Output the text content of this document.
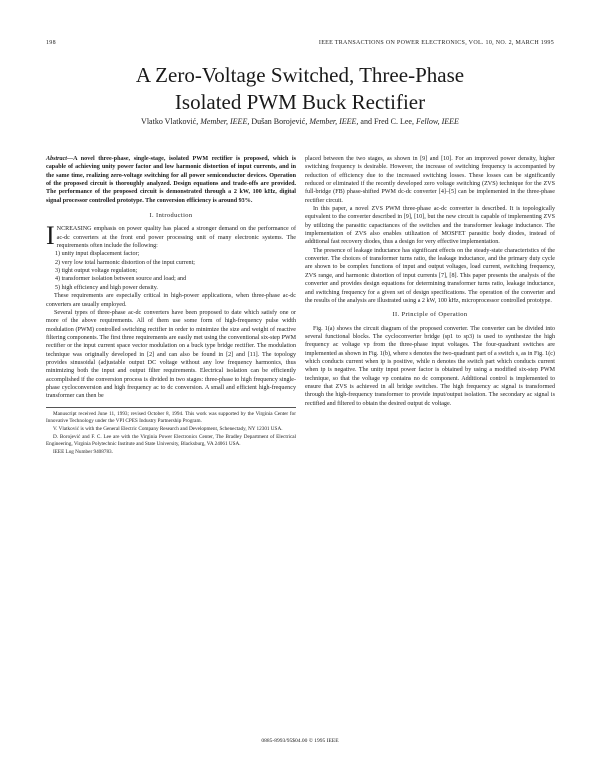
198	IEEE TRANSACTIONS ON POWER ELECTRONICS, VOL. 10, NO. 2, MARCH 1995
A Zero-Voltage Switched, Three-Phase
Isolated PWM Buck Rectifier
Vlatko Vlatković, Member, IEEE, Dušan Borojević, Member, IEEE, and Fred C. Lee, Fellow, IEEE

Abstract—A novel three-phase, single-stage, isolated PWM rectifier is proposed, which is capable of achieving unity power factor and low harmonic distortion of input currents, and in the same time, realizing zero-voltage switching for all power semiconductor devices. Operation of the proposed circuit is thoroughly analyzed. Design equations and trade-offs are provided. The performance of the proposed circuit is demonstrated through a 2 kW, 100 kHz, digital signal processor controlled prototype. The conversion efficiency is around 93%.

I. Introduction

INCREASING emphasis on power quality has placed a stronger demand on the performance of ac-dc converters at the front end power processing unit of many electronic systems. The requirements often include the following:

1) unity input displacement factor;
2) very low total harmonic distortion of the input current;
3) tight output voltage regulation;
4) transformer isolation between source and load; and
5) high efficiency and high power density.

These requirements are especially critical in high-power applications, when three-phase ac-dc converters are usually employed.

Several types of three-phase ac-dc converters have been proposed to date which satisfy one or more of the above requirements. All of them use some form of high-frequency pulse width modulation (PWM) controlled switching rectifier in order to minimize the size and weight of reactive filtering components. The first three requirements are easily met using the conventional six-step PWM rectifier or the input current space vector modulation on a buck type bridge rectifier. The modulation technique was originally developed in [2] and can also be found in [2] and [11]. The topology provides sinusoidal (adjustable output DC voltage without any low frequency harmonics, thus minimizing both the input and output filter requirements. Electrical isolation can be efficiently accomplished if the conversion process is divided in two stages: three-phase to high frequency single-phase cycloconversion and high frequency ac to dc conversion. A small and efficient high-frequency transformer can then be

Manuscript received June 11, 1993; revised October 8, 1994. This work was supported by the Virginia Center for Innovative Technology under the VPI CPES Industry Partnership Program.

V. Vlatković is with the General Electric Company Research and Development, Schenectady, NY 12301 USA.

D. Borojević and F. C. Lee are with the Virginia Power Electronics Center, The Bradley Department of Electrical Engineering, Virginia Polytechnic Institute and State University, Blacksburg, VA 24061 USA.

IEEE Log Number 9408783.

placed between the two stages, as shown in [9] and [10]. For an improved power density, higher switching frequency is desirable. However, the increase of switching frequency is accompanied by reduction of efficiency due to the increased switching losses. These losses can be significantly reduced or eliminated if the recently developed zero voltage switching (ZVS) technique for the ZVS full-bridge (FB) phase-shifted PWM dc-dc converter [4]–[5] can be implemented in the three-phase rectifier circuit.

In this paper, a novel ZVS PWM three-phase ac-dc converter is described. It is topologically equivalent to the converter described in [9], [10], but the new circuit is capable of implementing ZVS by utilizing the parasitic capacitances of the switches and the transformer leakage inductance. The implementation of ZVS also enables utilization of MOSFET parasitic body diodes, instead of additional fast recovery diodes, thus a design for very effective implementation.

The presence of leakage inductance has significant effects on the steady-state characteristics of the converter. The choices of transformer turns ratio, the leakage inductance, and the primary duty cycle are shown to be complex functions of input and output voltages, load current, switching frequency, ZVS range, and harmonic distortion of input currents [7], [8]. This paper presents the analysis of the converter and provides design equations for determining transformer turns ratio, leakage inductance, and switching frequency for a given set of design specifications. The operation of the converter and the results of the analysis are illustrated using a 2 kW, 100 kHz, microprocessor controlled prototype.

II. Principle of Operation

Fig. 1(a) shows the circuit diagram of the proposed converter. The converter can be divided into several functional blocks. The cycloconverter bridge (sp1 to sp3) is used to synthesize the high frequency ac voltage vp from the three-phase input voltages. The four-quadrant switches are implemented as shown in Fig. 1(b), where s denotes the two-quadrant part of a switch s, as in Fig. 1(c) which conducts current when ip is positive, while n denotes the switch part which conducts current when ip is negative. The unity input power factor is obtained by using a modified six-step PWM technique, so that the voltage vp contains no dc component. Additional control is implemented to ensure that ZVS is achieved in all bridge switches. The high frequency ac signal is transformed through the high-frequency transformer to provide input/output isolation. The secondary ac signal is rectified and filtered to obtain the desired output dc voltage.

0885-8993/95$04.00 © 1995 IEEE
